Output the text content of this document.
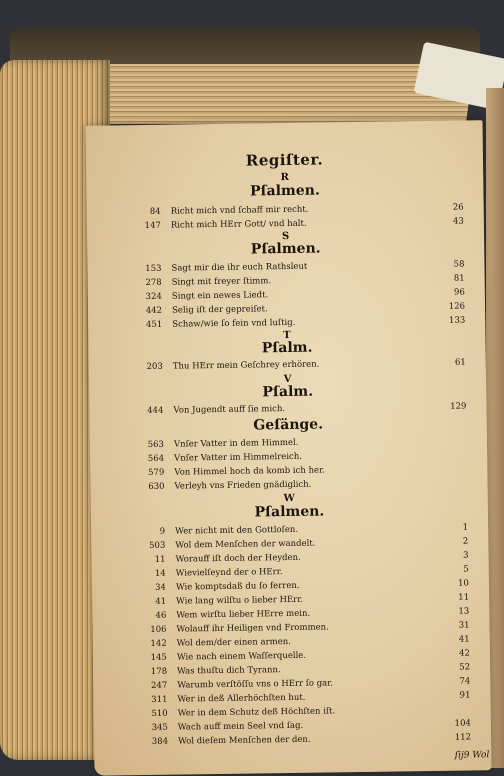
Regiſter.
R
Pſalmen.
84 Richt mich vnd ſchaff mir recht.	26
147 Richt mich HErr Gott/ vnd halt.	43
S
Pſalmen.
153 Sagt mir die ihr euch Rathsleut	58
278 Singt mit freyer ſtimm.	81
324 Singt ein newes Liedt.	96
442 Selig iſt der gepreiſet.	126
451 Schaw/wie ſo fein vnd luſtig.	133
T
Pſalm.
203 Thu HErr mein Geſchrey erhören.	61
V
Pſalm.
444 Von Jugendt auff ſie mich.	129
Geſänge.
563 Vnſer Vatter in dem Himmel.
564 Vnſer Vatter im Himmelreich.
579 Von Himmel hoch da komb ich her.
630 Verleyh vns Frieden gnädiglich.
W
Pſalmen.
9 Wer nicht mit den Gottloſen.	1
503 Wol dem Menſchen der wandelt.	2
11 Worauff iſt doch der Heyden.	3
14 Wievielſeynd der o HErr.	5
34 Wie komptsdaß du ſo ferren.	10
41 Wie lang wilſtu o lieber HErr.	11
46 Wem wirſtu lieber HErre mein.	13
106 Wolauff ihr Heiligen vnd Frommen.	31
142 Wol dem/der einen armen.	41
145 Wie nach einem Waſſerquelle.	42
178 Was thuſtu dich Tyrann.	52
247 Warumb verſtöſſu vns o HErr ſo gar.	74
311 Wer in deß Allerhöchſten hut.	91
510 Wer in dem Schutz deß Höchſten iſt.
345 Wach auff mein Seel vnd ſag.	104
384 Wol dieſem Menſchen der den.	112
ſij9 Wol
